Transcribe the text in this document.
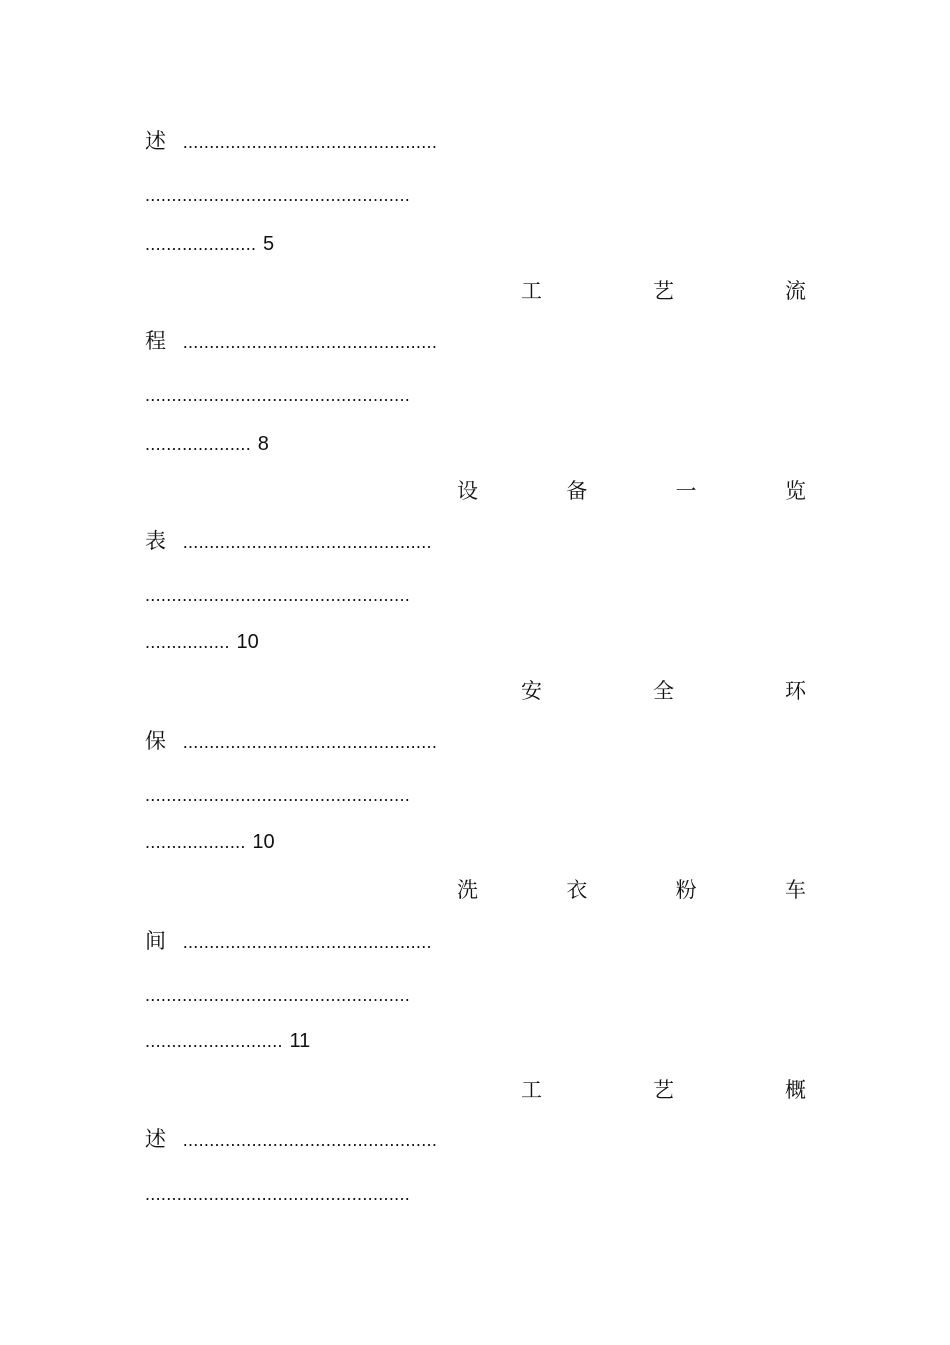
述 ................................................
..................................................
..................... 5
工	艺	流
程 ................................................
..................................................
.................... 8
设	备	一	览
表 ...............................................
..................................................
................ 10
安	全	环
保 ................................................
..................................................
................... 10
洗	衣	粉	车
间 ...............................................
..................................................
.......................... 11
工	艺	概
述 ................................................
..................................................
